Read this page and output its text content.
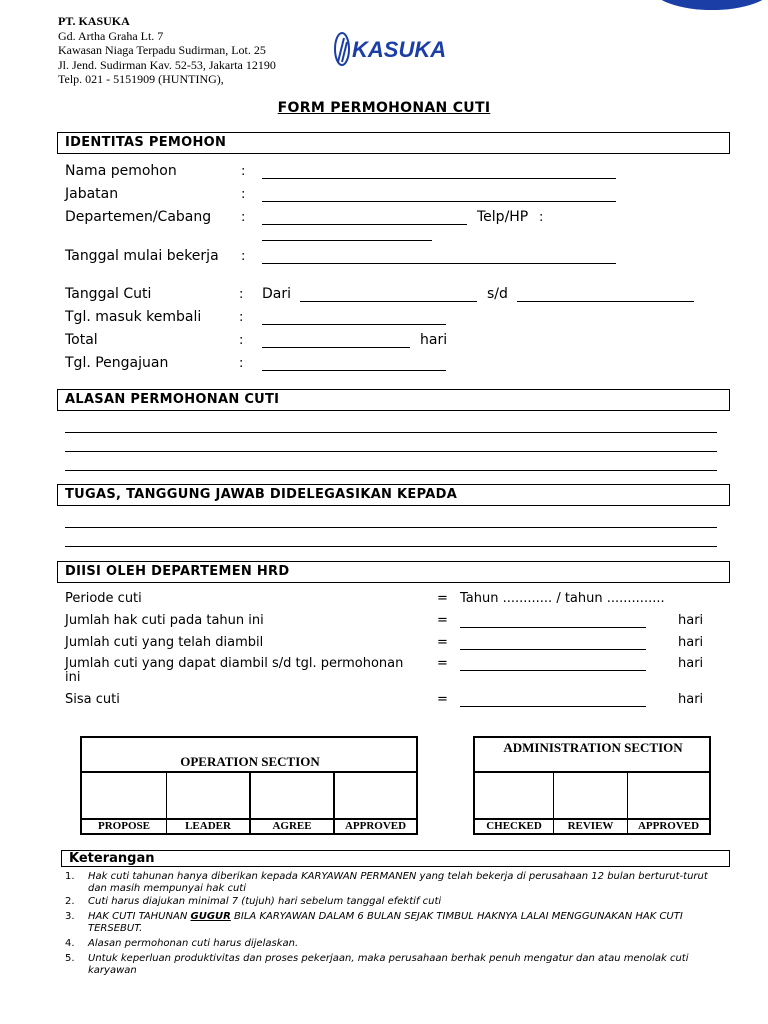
PT. KASUKA
Gd. Artha Graha Lt. 7
Kawasan Niaga Terpadu Sudirman, Lot. 25
Jl. Jend. Sudirman Kav. 52-53, Jakarta 12190
Telp. 021 - 5151909 (HUNTING),
KASUKA
FORM PERMOHONAN CUTI
IDENTITAS PEMOHON
Nama pemohon	:
Jabatan	:
Departemen/Cabang :	Telp/HP :
Tanggal mulai bekerja :
Tanggal Cuti	: Dari	s/d
Tgl. masuk kembali	:
Total	:	hari
Tgl. Pengajuan	:
ALASAN PERMOHONAN CUTI
TUGAS, TANGGUNG JAWAB DIDELEGASIKAN KEPADA
DIISI OLEH DEPARTEMEN HRD
Periode cuti	= Tahun ............ / tahun ..............
Jumlah hak cuti pada tahun ini	=	hari
Jumlah cuti yang telah diambil	=	hari
Jumlah cuti yang dapat diambil s/d tgl. permohonan
ini
=	hari
Sisa cuti	=	hari
OPERATION SECTION
PROPOSE	LEADER	AGREE	APPROVED
ADMINISTRATION SECTION
CHECKED	REVIEW	APPROVED
Keterangan
1. Hak cuti tahunan hanya diberikan kepada KARYAWAN PERMANEN yang telah bekerja di perusahaan 12 bulan berturut-turut dan masih mempunyai hak cuti
2. Cuti harus diajukan minimal 7 (tujuh) hari sebelum tanggal efektif cuti
3. HAK CUTI TAHUNAN GUGUR BILA KARYAWAN DALAM 6 BULAN SEJAK TIMBUL HAKNYA LALAI MENGGUNAKAN HAK CUTI TERSEBUT.
4. Alasan permohonan cuti harus dijelaskan.
5. Untuk keperluan produktivitas dan proses pekerjaan, maka perusahaan berhak penuh mengatur dan atau menolak cuti karyawan
